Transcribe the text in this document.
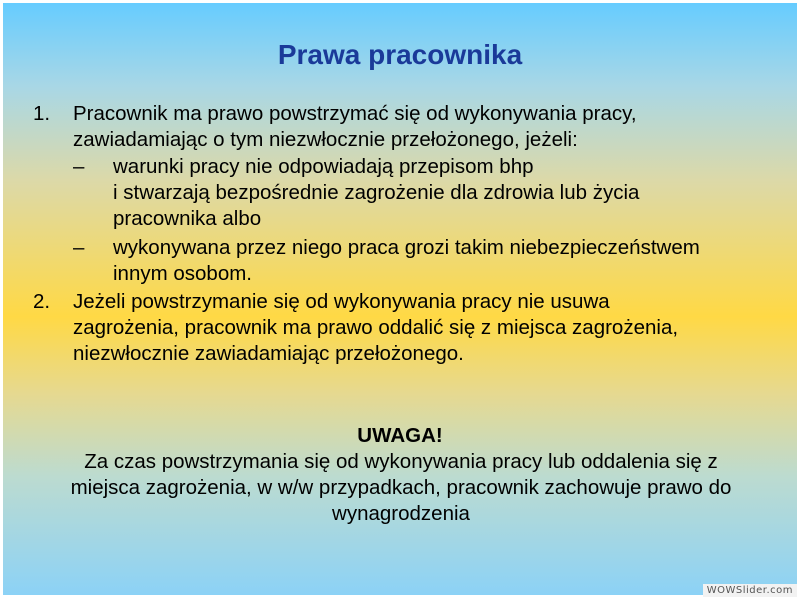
Prawa pracownika
1. Pracownik ma prawo powstrzymać się od wykonywania pracy,
zawiadamiając o tym niezwłocznie przełożonego, jeżeli:
– warunki pracy nie odpowiadają przepisom bhp
i stwarzają bezpośrednie zagrożenie dla zdrowia lub życia
pracownika albo
– wykonywana przez niego praca grozi takim niebezpieczeństwem
innym osobom.
2. Jeżeli powstrzymanie się od wykonywania pracy nie usuwa
zagrożenia, pracownik ma prawo oddalić się z miejsca zagrożenia,
niezwłocznie zawiadamiając przełożonego.
UWAGA!
Za czas powstrzymania się od wykonywania pracy lub oddalenia się z
miejsca zagrożenia, w w/w przypadkach, pracownik zachowuje prawo do
wynagrodzenia
WOWSlider.com
